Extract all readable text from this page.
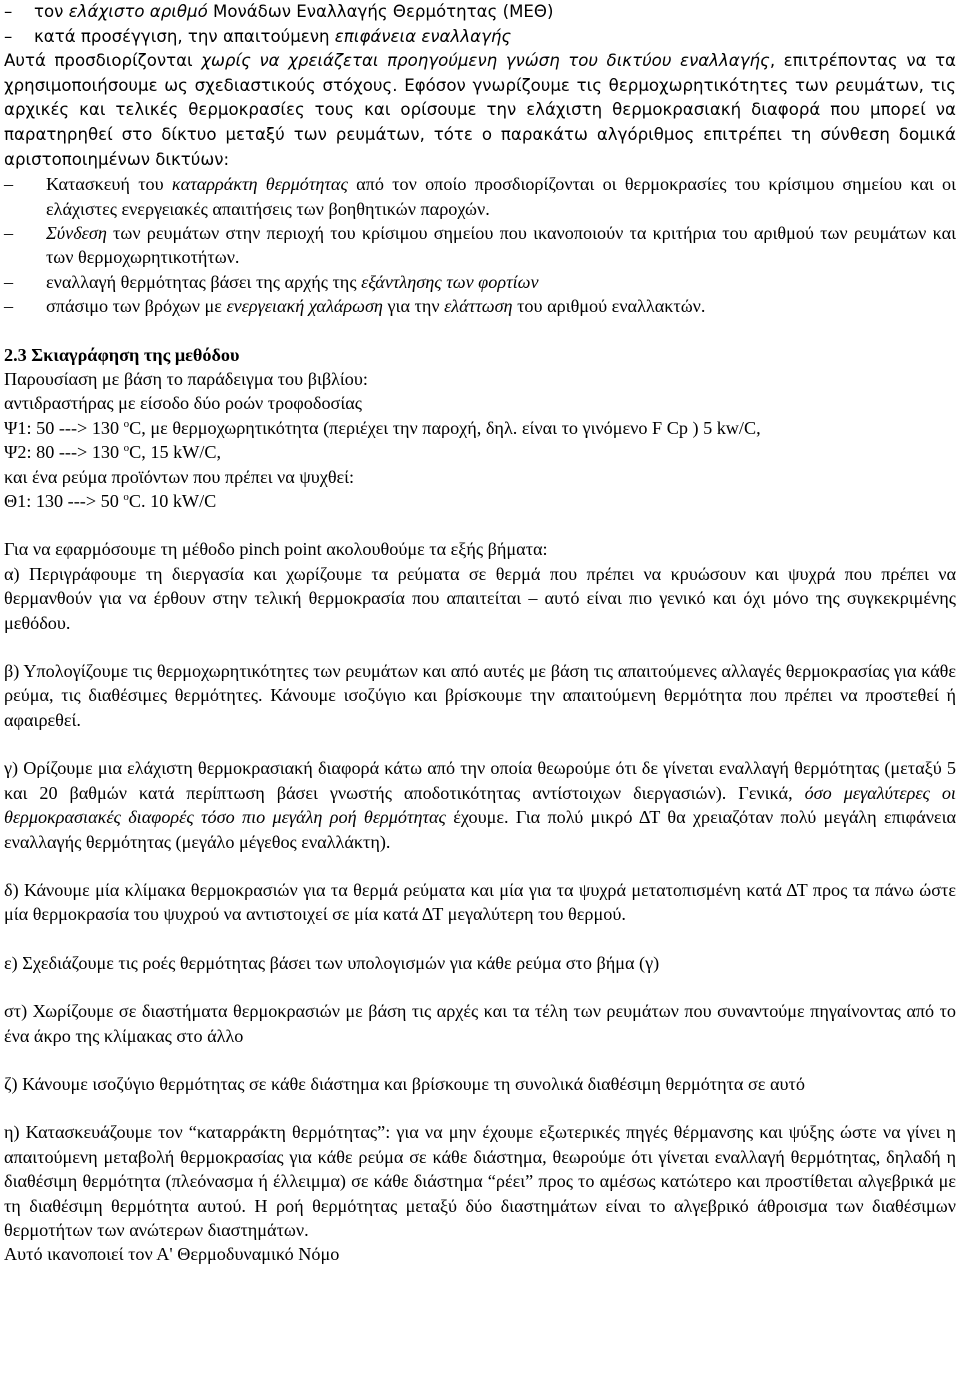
– τον ελάχιστο αριθμό Μονάδων Εναλλαγής Θερμότητας (ΜΕΘ)
– κατά προσέγγιση, την απαιτούμενη επιφάνεια εναλλαγής

Αυτά προσδιορίζονται χωρίς να χρειάζεται προηγούμενη γνώση του δικτύου εναλλαγής, επιτρέποντας να τα χρησιμοποιήσουμε ως σχεδιαστικούς στόχους. Εφόσον γνωρίζουμε τις θερμοχωρητικότητες των ρευμάτων, τις αρχικές και τελικές θερμοκρασίες τους και ορίσουμε την ελάχιστη θερμοκρασιακή διαφορά που μπορεί να παρατηρηθεί στο δίκτυο μεταξύ των ρευμάτων, τότε ο παρακάτω αλγόριθμος επιτρέπει τη σύνθεση δομικά αριστοποιημένων δικτύων:

– Κατασκευή του καταρράκτη θερμότητας από τον οποίο προσδιορίζονται οι θερμοκρασίες του κρίσιμου σημείου και οι ελάχιστες ενεργειακές απαιτήσεις των βοηθητικών παροχών.
– Σύνδεση των ρευμάτων στην περιοχή του κρίσιμου σημείου που ικανοποιούν τα κριτήρια του αριθμού των ρευμάτων και των θερμοχωρητικοτήτων.
– εναλλαγή θερμότητας βάσει της αρχής της εξάντλησης των φορτίων
– σπάσιμο των βρόχων με ενεργειακή χαλάρωση για την ελάττωση του αριθμού εναλλακτών.
2.3 Σκιαγράφηση της μεθόδου

Παρουσίαση με βάση το παράδειγμα του βιβλίου:

αντιδραστήρας με είσοδο δύο ροών τροφοδοσίας

Ψ1: 50 ---> 130 $^o$C, με θερμοχωρητικότητα (περιέχει την παροχή, δηλ. είναι το γινόμενο F Cp ) 5 kw/C,

Ψ2: 80 ---> 130 $^o$C, 15 kW/C,

και ένα ρεύμα προϊόντων που πρέπει να ψυχθεί:

Θ1: 130 ---> 50 $^o$C. 10 kW/C

Για να εφαρμόσουμε τη μέθοδο pinch point ακολουθούμε τα εξής βήματα:

α) Περιγράφουμε τη διεργασία και χωρίζουμε τα ρεύματα σε θερμά που πρέπει να κρυώσουν και ψυχρά που πρέπει να θερμανθούν για να έρθουν στην τελική θερμοκρασία που απαιτείται – αυτό είναι πιο γενικό και όχι μόνο της συγκεκριμένης μεθόδου.

β) Υπολογίζουμε τις θερμοχωρητικότητες των ρευμάτων και από αυτές με βάση τις απαιτούμενες αλλαγές θερμοκρασίας για κάθε ρεύμα, τις διαθέσιμες θερμότητες. Κάνουμε ισοζύγιο και βρίσκουμε την απαιτούμενη θερμότητα που πρέπει να προστεθεί ή αφαιρεθεί.

γ) Ορίζουμε μια ελάχιστη θερμοκρασιακή διαφορά κάτω από την οποία θεωρούμε ότι δε γίνεται εναλλαγή θερμότητας (μεταξύ 5 και 20 βαθμών κατά περίπτωση βάσει γνωστής αποδοτικότητας αντίστοιχων διεργασιών). Γενικά, όσο μεγαλύτερες οι θερμοκρασιακές διαφορές τόσο πιο μεγάλη ροή θερμότητας έχουμε. Για πολύ μικρό ΔΤ θα χρειαζόταν πολύ μεγάλη επιφάνεια εναλλαγής θερμότητας (μεγάλο μέγεθος εναλλάκτη).

δ) Κάνουμε μία κλίμακα θερμοκρασιών για τα θερμά ρεύματα και μία για τα ψυχρά μετατοπισμένη κατά ΔΤ προς τα πάνω ώστε μία θερμοκρασία του ψυχρού να αντιστοιχεί σε μία κατά ΔΤ μεγαλύτερη του θερμού.

ε) Σχεδιάζουμε τις ροές θερμότητας βάσει των υπολογισμών για κάθε ρεύμα στο βήμα (γ)

στ) Χωρίζουμε σε διαστήματα θερμοκρασιών με βάση τις αρχές και τα τέλη των ρευμάτων που συναντούμε πηγαίνοντας από το ένα άκρο της κλίμακας στο άλλο

ζ) Κάνουμε ισοζύγιο θερμότητας σε κάθε διάστημα και βρίσκουμε τη συνολικά διαθέσιμη θερμότητα σε αυτό

η) Κατασκευάζουμε τον “καταρράκτη θερμότητας”: για να μην έχουμε εξωτερικές πηγές θέρμανσης και ψύξης ώστε να γίνει η απαιτούμενη μεταβολή θερμοκρασίας για κάθε ρεύμα σε κάθε διάστημα, θεωρούμε ότι γίνεται εναλλαγή θερμότητας, δηλαδή η διαθέσιμη θερμότητα (πλεόνασμα ή έλλειμμα) σε κάθε διάστημα “ρέει” προς το αμέσως κατώτερο και προστίθεται αλγεβρικά με τη διαθέσιμη θερμότητα αυτού. Η ροή θερμότητας μεταξύ δύο διαστημάτων είναι το αλγεβρικό άθροισμα των διαθέσιμων θερμοτήτων των ανώτερων διαστημάτων.

Αυτό ικανοποιεί τον Α' Θερμοδυναμικό Νόμο
